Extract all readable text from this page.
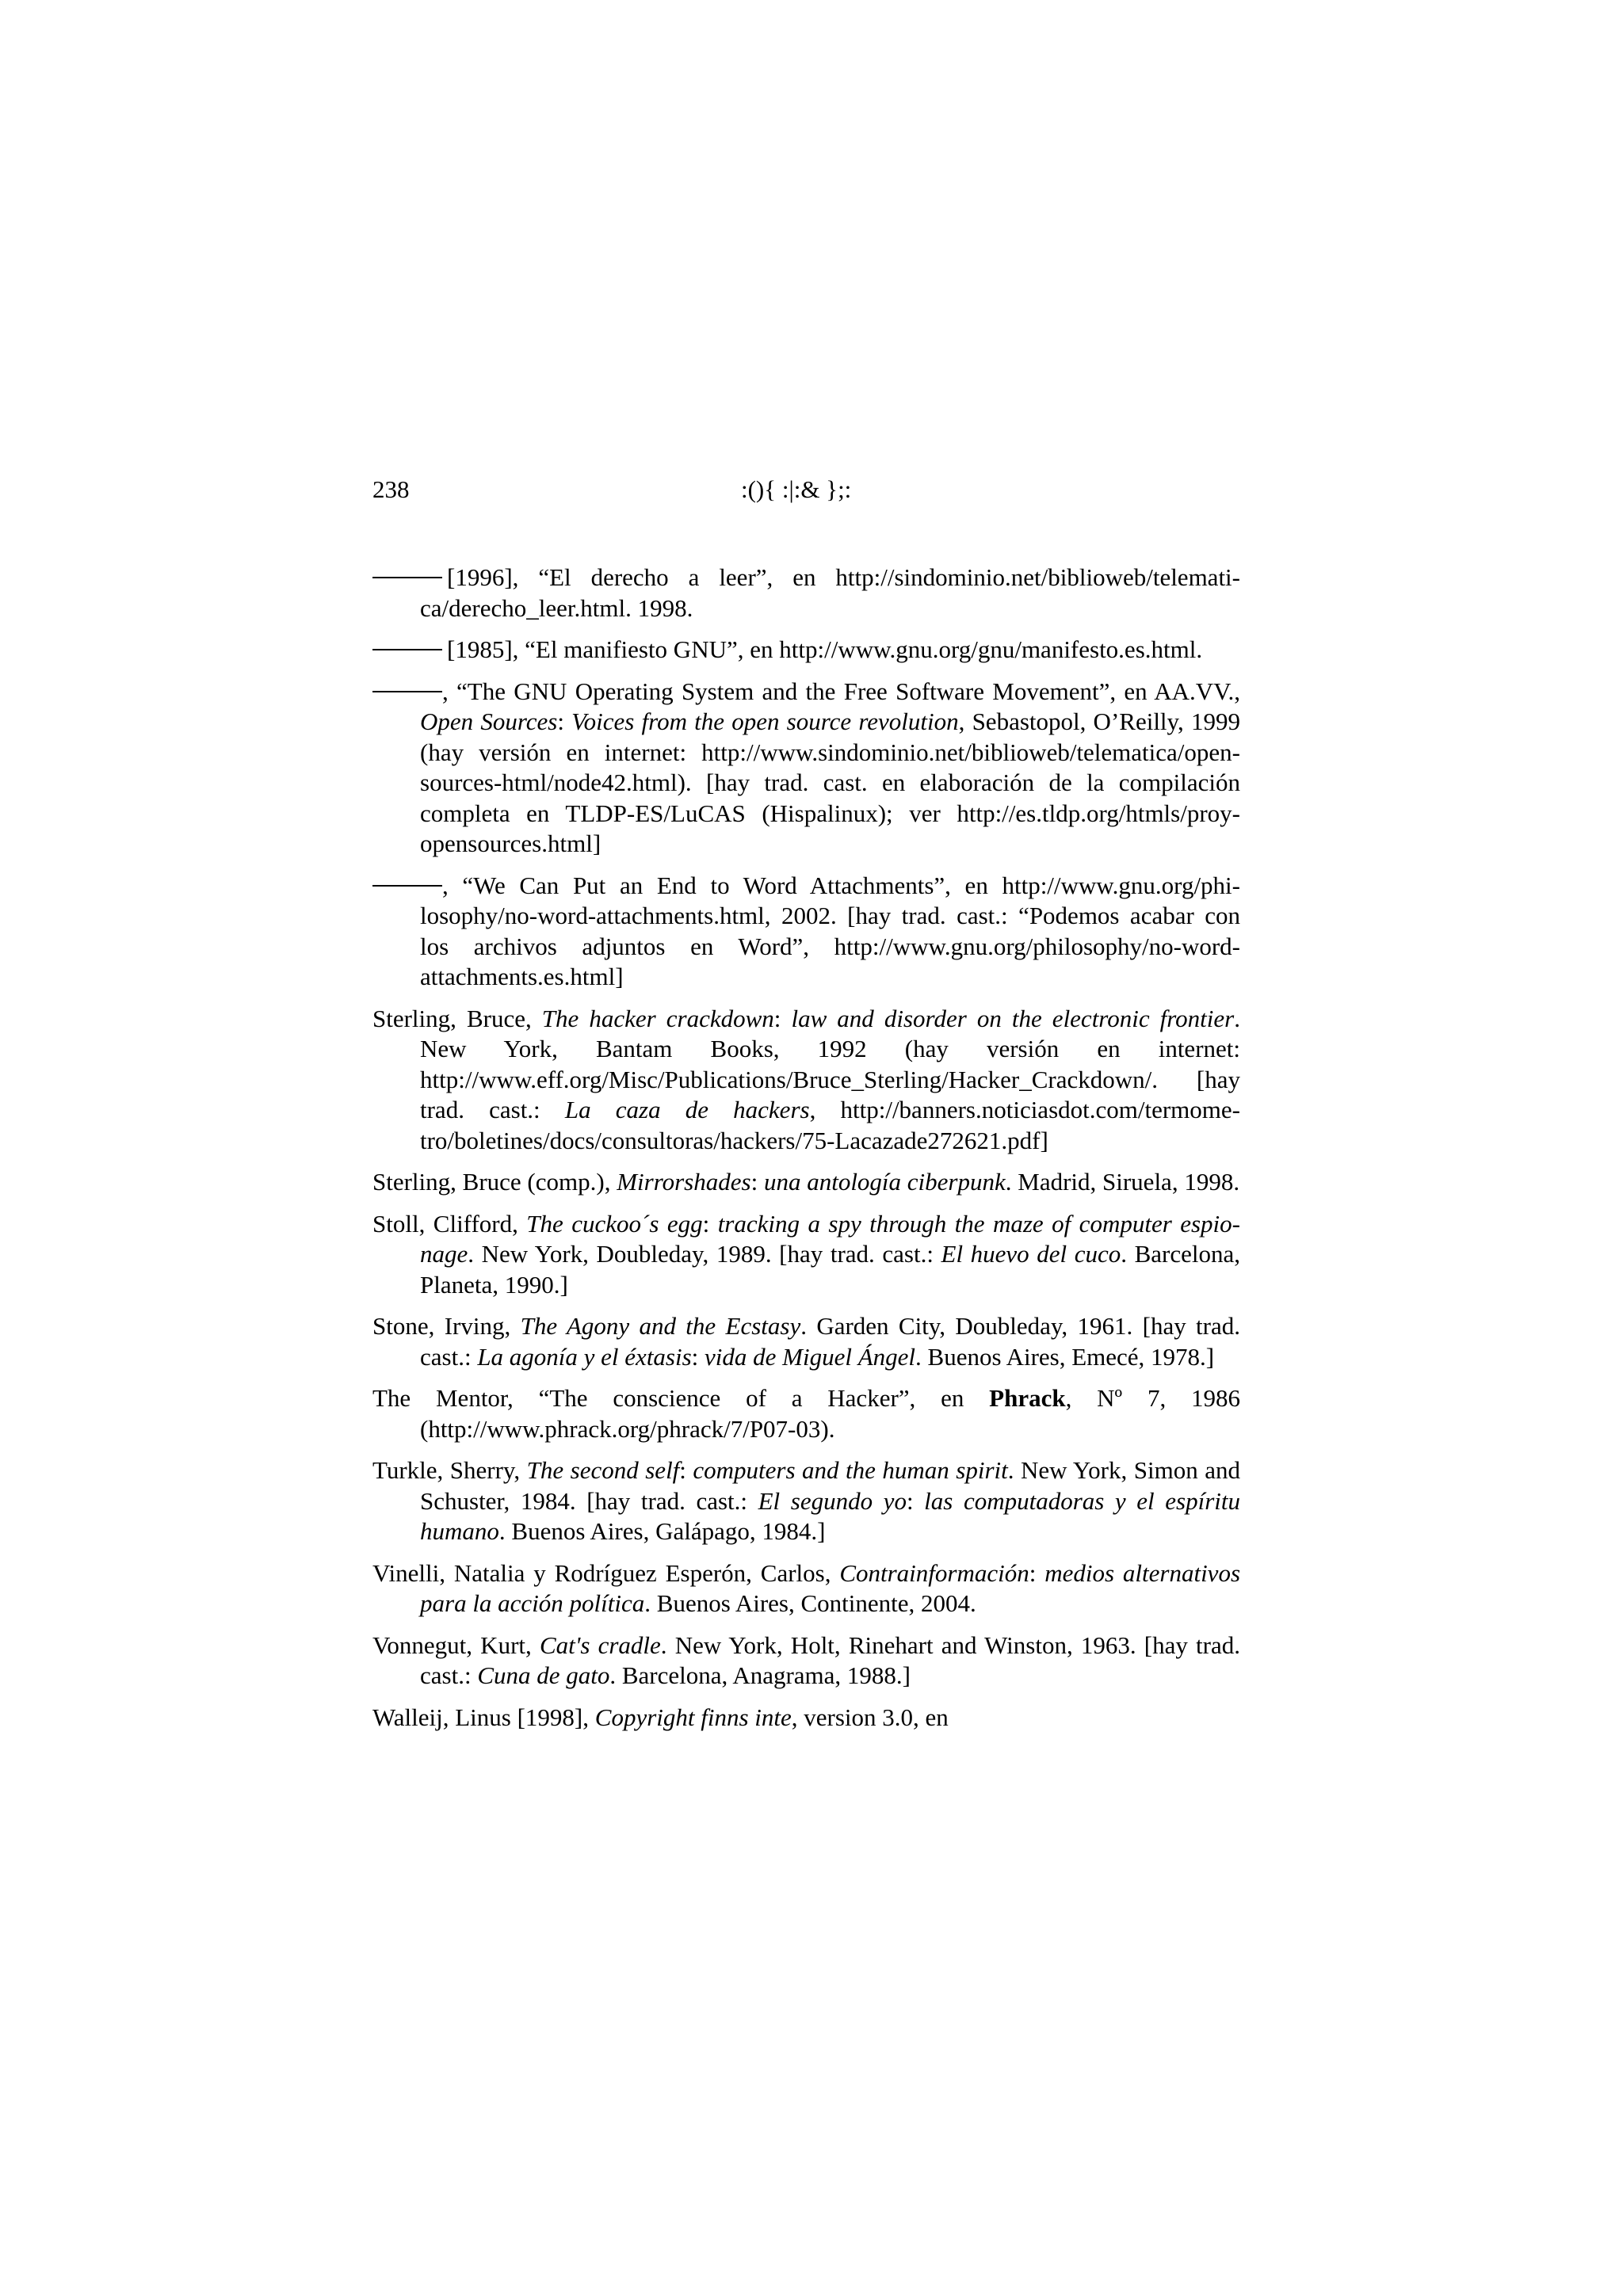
238	:(){ :|:& };:

[1996], “El derecho a leer”, en http://sindominio.net/biblioweb/telematica/derecho_leer.html. 1998.

[1985], “El manifiesto GNU”, en http://www.gnu.org/gnu/manifesto.es.html.

, “The GNU Operating System and the Free Software Movement”, en AA.VV., Open Sources: Voices from the open source revolution, Sebastopol, O’Reilly, 1999 (hay versión en internet: http://www.sindominio.net/biblioweb/telematica/open-sources-html/node42.html). [hay trad. cast. en elaboración de la compilación completa en TLDP-ES/LuCAS (Hispalinux); ver http://es.tldp.org/htmls/proy-opensources.html]

, “We Can Put an End to Word Attachments”, en http://www.gnu.org/philosophy/no-word-attachments.html, 2002. [hay trad. cast.: “Podemos acabar con los archivos adjuntos en Word”, http://www.gnu.org/philosophy/no-word-attachments.es.html]

Sterling, Bruce, The hacker crackdown: law and disorder on the electronic frontier. New York, Bantam Books, 1992 (hay versión en internet: http://www.eff.org/Misc/Publications/Bruce_Sterling/Hacker_Crackdown/. [hay trad. cast.: La caza de hackers, http://banners.noticiasdot.com/termometro/boletines/docs/consultoras/hackers/75-Lacazade272621.pdf]

Sterling, Bruce (comp.), Mirrorshades: una antología ciberpunk. Madrid, Siruela, 1998.

Stoll, Clifford, The cuckoo´s egg: tracking a spy through the maze of computer espionage. New York, Doubleday, 1989. [hay trad. cast.: El huevo del cuco. Barcelona, Planeta, 1990.]

Stone, Irving, The Agony and the Ecstasy. Garden City, Doubleday, 1961. [hay trad. cast.: La agonía y el éxtasis: vida de Miguel Ángel. Buenos Aires, Emecé, 1978.]

The Mentor, “The conscience of a Hacker”, en Phrack, Nº 7, 1986 (http://www.phrack.org/phrack/7/P07-03).

Turkle, Sherry, The second self: computers and the human spirit. New York, Simon and Schuster, 1984. [hay trad. cast.: El segundo yo: las computadoras y el espíritu humano. Buenos Aires, Galápago, 1984.]

Vinelli, Natalia y Rodríguez Esperón, Carlos, Contrainformación: medios alternativos para la acción política. Buenos Aires, Continente, 2004.

Vonnegut, Kurt, Cat's cradle. New York, Holt, Rinehart and Winston, 1963. [hay trad. cast.: Cuna de gato. Barcelona, Anagrama, 1988.]

Walleij, Linus [1998], Copyright finns inte, version 3.0, en
